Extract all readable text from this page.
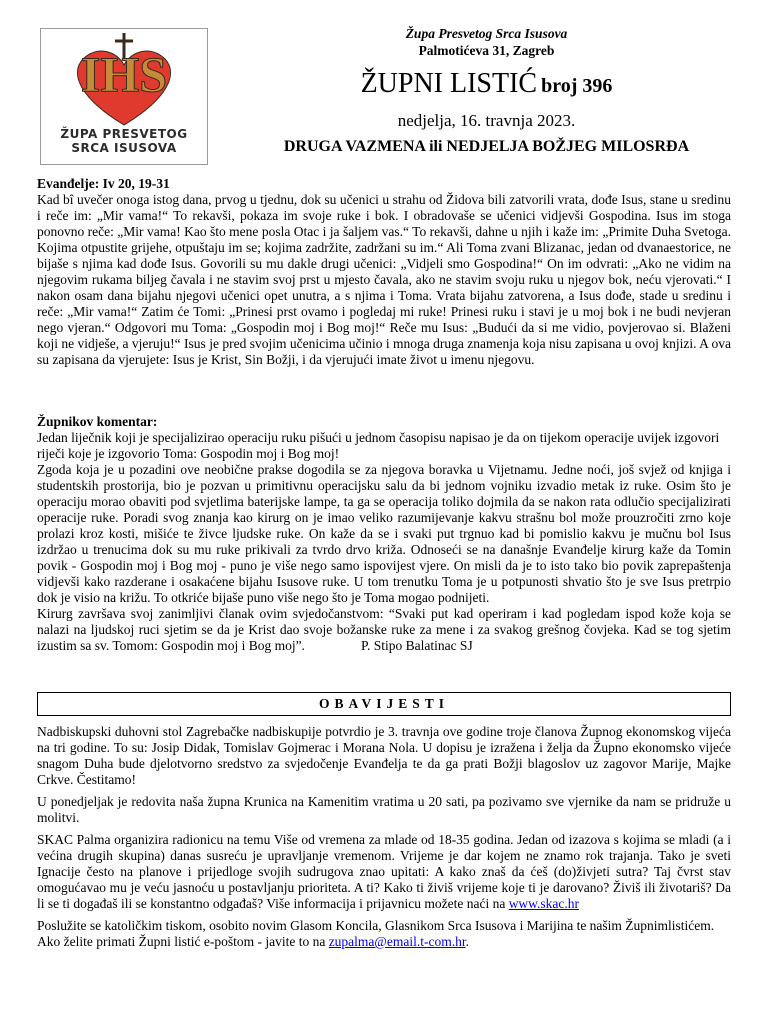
IHS
ŽUPA PRESVETOG
SRCA ISUSOVA
Župa Presvetog Srca Isusova
Palmotićeva 31, Zagreb
ŽUPNI LISTIĆ broj 396
nedjelja, 16. travnja 2023.
DRUGA VAZMENA ili NEDJELJA BOŽJEG MILOSRĐA
Evanđelje: Iv 20, 19-31

Kad bî uvečer onoga istog dana, prvog u tjednu, dok su učenici u strahu od Židova bili zatvorili vrata, dođe Isus, stane u sredinu i reče im: „Mir vama!“ To rekavši, pokaza im svoje ruke i bok. I obradovaše se učenici vidjevši Gospodina. Isus im stoga ponovno reče: „Mir vama! Kao što mene posla Otac i ja šaljem vas.“ To rekavši, dahne u njih i kaže im: „Primite Duha Svetoga. Kojima otpustite grijehe, otpuštaju im se; kojima zadržite, zadržani su im.“ Ali Toma zvani Blizanac, jedan od dvanaestorice, ne bijaše s njima kad dođe Isus. Govorili su mu dakle drugi učenici: „Vidjeli smo Gospodina!“ On im odvrati: „Ako ne vidim na njegovim rukama biljeg čavala i ne stavim svoj prst u mjesto čavala, ako ne stavim svoju ruku u njegov bok, neću vjerovati.“ I nakon osam dana bijahu njegovi učenici opet unutra, a s njima i Toma. Vrata bijahu zatvorena, a Isus dođe, stade u sredinu i reče: „Mir vama!“ Zatim će Tomi: „Prinesi prst ovamo i pogledaj mi ruke! Prinesi ruku i stavi je u moj bok i ne budi nevjeran nego vjeran.“ Odgovori mu Toma: „Gospodin moj i Bog moj!“ Reče mu Isus: „Budući da si me vidio, povjerovao si. Blaženi koji ne vidješe, a vjeruju!“ Isus je pred svojim učenicima učinio i mnoga druga znamenja koja nisu zapisana u ovoj knjizi. A ova su zapisana da vjerujete: Isus je Krist, Sin Božji, i da vjerujući imate život u imenu njegovu.

Župnikov komentar:

Jedan liječnik koji je specijalizirao operaciju ruku pišući u jednom časopisu napisao je da on tijekom operacije uvijek izgovori riječi koje je izgovorio Toma: Gospodin moj i Bog moj!

Zgoda koja je u pozadini ove neobične prakse dogodila se za njegova boravka u Vijetnamu. Jedne noći, još svjež od knjiga i studentskih prostorija, bio je pozvan u primitivnu operacijsku salu da bi jednom vojniku izvadio metak iz ruke. Osim što je operaciju morao obaviti pod svjetlima baterijske lampe, ta ga se operacija toliko dojmila da se nakon rata odlučio specijalizirati operacije ruke. Poradi svog znanja kao kirurg on je imao veliko razumijevanje kakvu strašnu bol može prouzročiti zrno koje prolazi kroz kosti, mišiće te živce ljudske ruke. On kaže da se i svaki put trgnuo kad bi pomislio kakvu je mučnu bol Isus izdržao u trenucima dok su mu ruke prikivali za tvrdo drvo križa. Odnoseći se na današnje Evanđelje kirurg kaže da Tomin povik - Gospodin moj i Bog moj - puno je više nego samo ispovijest vjere. On misli da je to isto tako bio povik zaprepaštenja vidjevši kako razderane i osakaćene bijahu Isusove ruke. U tom trenutku Toma je u potpunosti shvatio što je sve Isus pretrpio dok je visio na križu. To otkriće bijaše puno više nego što je Toma mogao podnijeti.

Kirurg završava svoj zanimljivi članak ovim svjedočanstvom: “Svaki put kad operiram i kad pogledam ispod kože koja se nalazi na ljudskoj ruci sjetim se da je Krist dao svoje božanske ruke za mene i za svakog grešnog čovjeka. Kad se tog sjetim izustim sa sv. Tomom: Gospodin moj i Bog moj”.	P. Stipo Balatinac SJ

OBAVIJESTI

Nadbiskupski duhovni stol Zagrebačke nadbiskupije potvrdio je 3. travnja ove godine troje članova Župnog ekonomskog vijeća na tri godine. To su: Josip Didak, Tomislav Gojmerac i Morana Nola. U dopisu je izražena i želja da Župno ekonomsko vijeće snagom Duha bude djelotvorno sredstvo za svjedočenje Evanđelja te da ga prati Božji blagoslov uz zagovor Marije, Majke Crkve. Čestitamo!

U ponedjeljak je redovita naša župna Krunica na Kamenitim vratima u 20 sati, pa pozivamo sve vjernike da nam se pridruže u molitvi.

SKAC Palma organizira radionicu na temu Više od vremena za mlade od 18-35 godina. Jedan od izazova s kojima se mladi (a i većina drugih skupina) danas susreću je upravljanje vremenom. Vrijeme je dar kojem ne znamo rok trajanja. Tako je sveti Ignacije često na planove i prijedloge svojih sudrugova znao upitati: A kako znaš da ćeš (do)živjeti sutra? Taj čvrst stav omogućavao mu je veću jasnoću u postavljanju prioriteta. A ti? Kako ti živiš vrijeme koje ti je darovano? Živiš ili životariš? Da li se ti događaš ili se konstantno odgađaš? Više informacija i prijavnicu možete naći na www.skac.hr

Poslužite se katoličkim tiskom, osobito novim Glasom Koncila, Glasnikom Srca Isusova i Marijina te našim Župnimlistićem.

Ako želite primati Župni listić e-poštom - javite to na zupalma@email.t-com.hr.
